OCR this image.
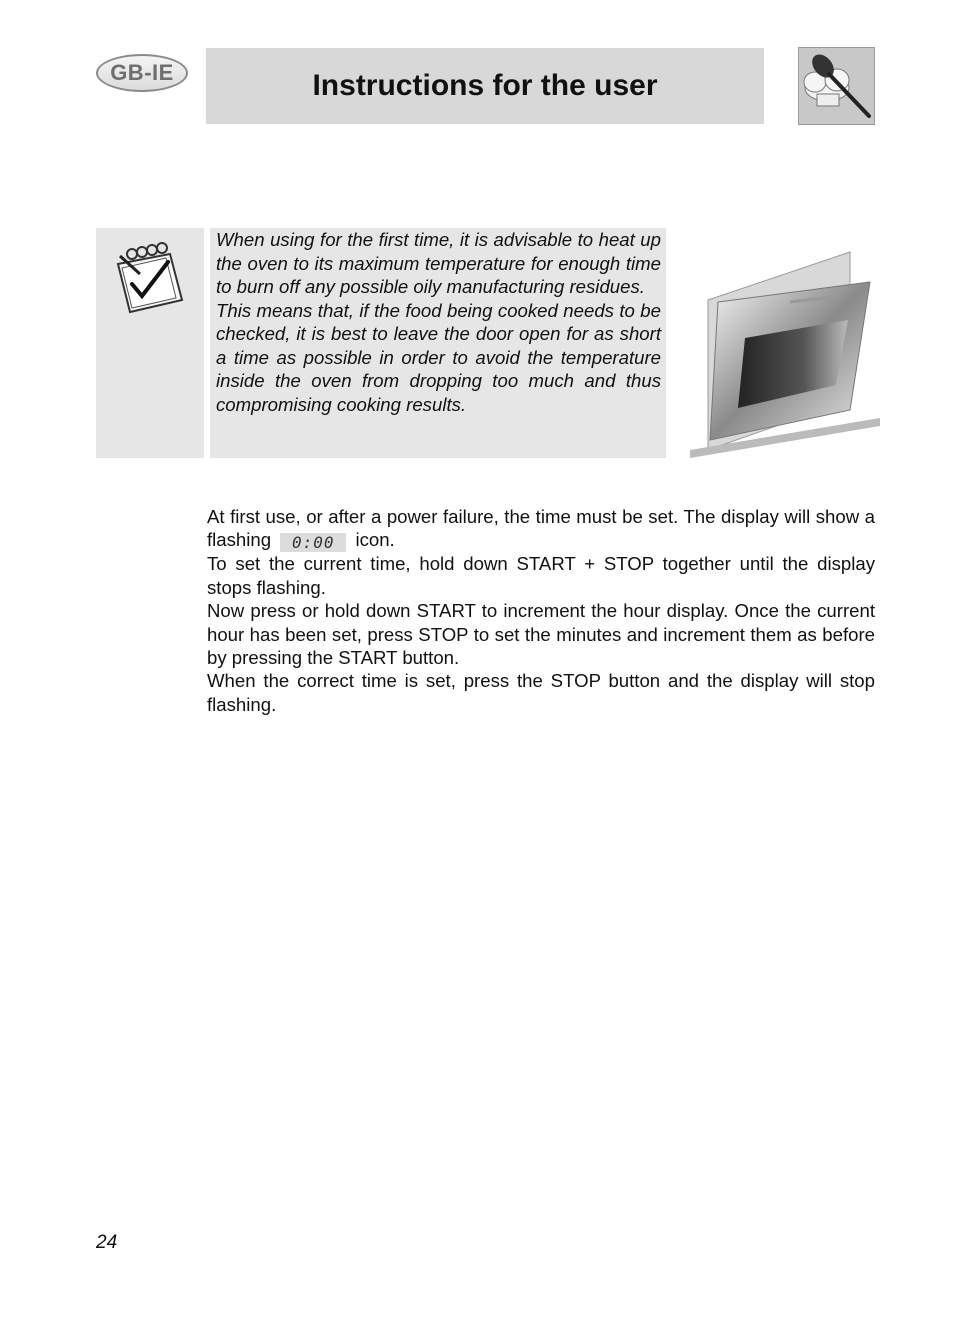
GB-IE	Instructions for the user

When using for the first time, it is advisable to heat up the oven to its maximum temperature for enough time to burn off any possible oily manufacturing residues.

This means that, if the food being cooked needs to be checked, it is best to leave the door open for as short a time as possible in order to avoid the temperature inside the oven from dropping too much and thus compromising cooking results.

At first use, or after a power failure, the time must be set. The display will show a flashing 0:00 icon.

To set the current time, hold down START + STOP together until the display stops flashing.

Now press or hold down START to increment the hour display. Once the current hour has been set, press STOP to set the minutes and increment them as before by pressing the START button.

When the correct time is set, press the STOP button and the display will stop flashing.

24
